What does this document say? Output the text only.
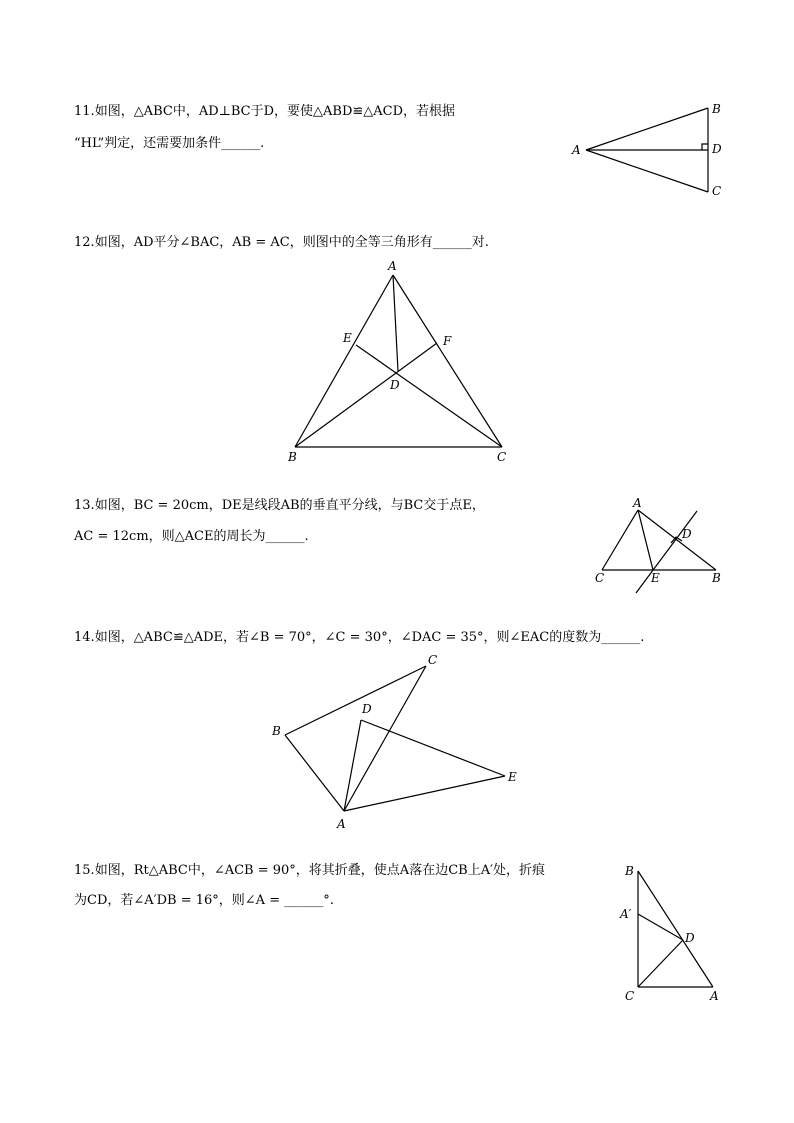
11.如图，△ABC中，AD⊥BC于D，要使△ABD≌△ACD，若根据
“HL”判定，还需要加条件______.	A
B
C
D
12.如图，AD平分∠BAC，AB = AC，则图中的全等三角形有______对.
A
B	C
D
E	F
13.如图，BC = 20cm，DE是线段AB的垂直平分线，与BC交于点E，
AC = 12cm，则△ACE的周长为______.
A
B
C
D
E
14.如图，△ABC≌△ADE，若∠B = 70°，∠C = 30°，∠DAC = 35°，则∠EAC的度数为______.
A
B
C
D
E
15.如图，Rt△ABC中，∠ACB = 90°，将其折叠，使点A落在边CB上A′处，折痕
为CD，若∠A′DB = 16°，则∠A = ______°.
B
C	A
A′
D
